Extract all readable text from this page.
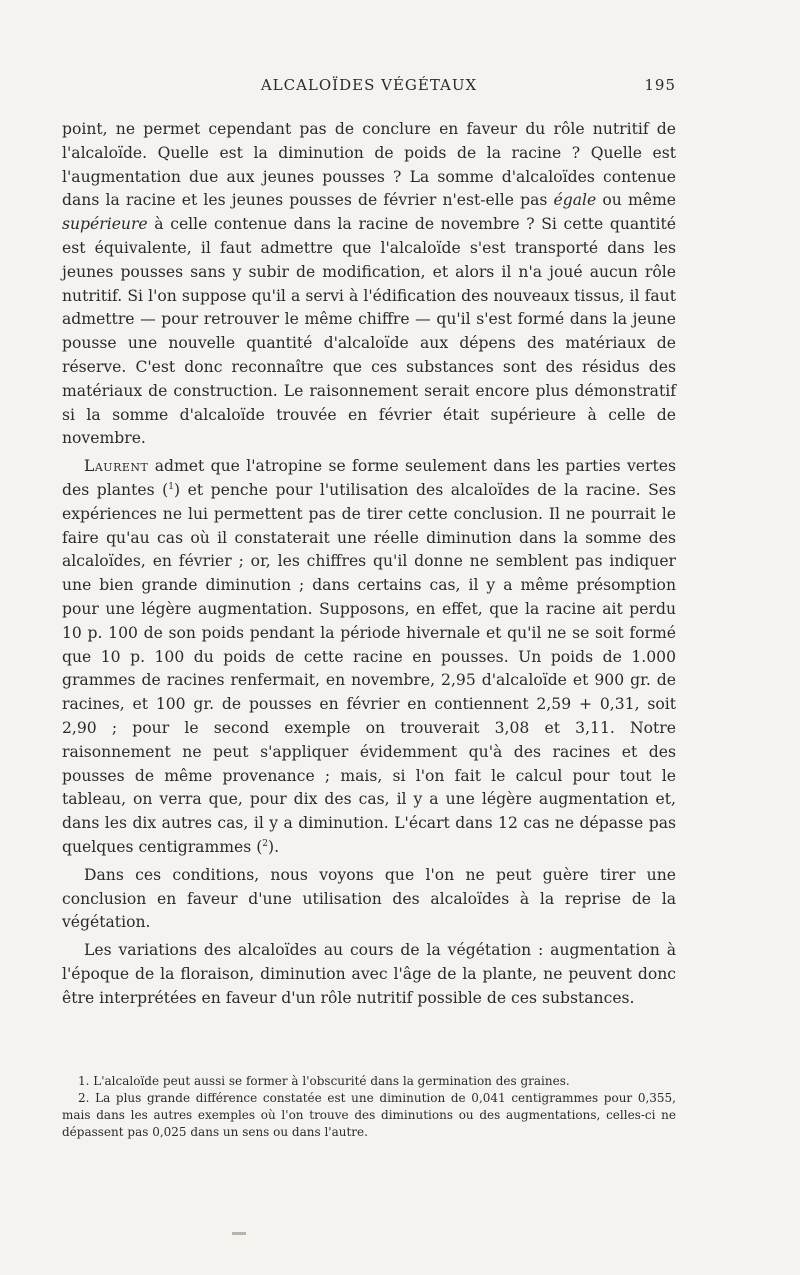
ALCALOÏDES VÉGÉTAUX	195

point, ne permet cependant pas de conclure en faveur du rôle nutritif de l'alcaloïde. Quelle est la diminution de poids de la racine ? Quelle est l'augmentation due aux jeunes pousses ? La somme d'alcaloïdes contenue dans la racine et les jeunes pousses de février n'est-elle pas égale ou même supérieure à celle contenue dans la racine de novembre ? Si cette quantité est équivalente, il faut admettre que l'alcaloïde s'est transporté dans les jeunes pousses sans y subir de modification, et alors il n'a joué aucun rôle nutritif. Si l'on suppose qu'il a servi à l'édification des nouveaux tissus, il faut admettre — pour retrouver le même chiffre — qu'il s'est formé dans la jeune pousse une nouvelle quantité d'alcaloïde aux dépens des matériaux de réserve. C'est donc reconnaître que ces substances sont des résidus des matériaux de construction. Le raisonnement serait encore plus démonstratif si la somme d'alcaloïde trouvée en février était supérieure à celle de novembre.

Laurent admet que l'atropine se forme seulement dans les parties vertes des plantes ($^1$) et penche pour l'utilisation des alcaloïdes de la racine. Ses expériences ne lui permettent pas de tirer cette conclusion. Il ne pourrait le faire qu'au cas où il constaterait une réelle diminution dans la somme des alcaloïdes, en février ; or, les chiffres qu'il donne ne semblent pas indiquer une bien grande diminution ; dans certains cas, il y a même présomption pour une légère augmentation. Supposons, en effet, que la racine ait perdu 10 p. 100 de son poids pendant la période hivernale et qu'il ne se soit formé que 10 p. 100 du poids de cette racine en pousses. Un poids de 1.000 grammes de racines renfermait, en novembre, 2,95 d'alcaloïde et 900 gr. de racines, et 100 gr. de pousses en février en contiennent 2,59 + 0,31, soit 2,90 ; pour le second exemple on trouverait 3,08 et 3,11. Notre raisonnement ne peut s'appliquer évidemment qu'à des racines et des pousses de même provenance ; mais, si l'on fait le calcul pour tout le tableau, on verra que, pour dix des cas, il y a une légère augmentation et, dans les dix autres cas, il y a diminution. L'écart dans 12 cas ne dépasse pas quelques centigrammes ($^2$).

Dans ces conditions, nous voyons que l'on ne peut guère tirer une conclusion en faveur d'une utilisation des alcaloïdes à la reprise de la végétation.

Les variations des alcaloïdes au cours de la végétation : augmentation à l'époque de la floraison, diminution avec l'âge de la plante, ne peuvent donc être interprétées en faveur d'un rôle nutritif possible de ces substances.

1. L'alcaloïde peut aussi se former à l'obscurité dans la germination des graines.

2. La plus grande différence constatée est une diminution de 0,041 centigrammes pour 0,355, mais dans les autres exemples où l'on trouve des diminutions ou des augmentations, celles-ci ne dépassent pas 0,025 dans un sens ou dans l'autre.
